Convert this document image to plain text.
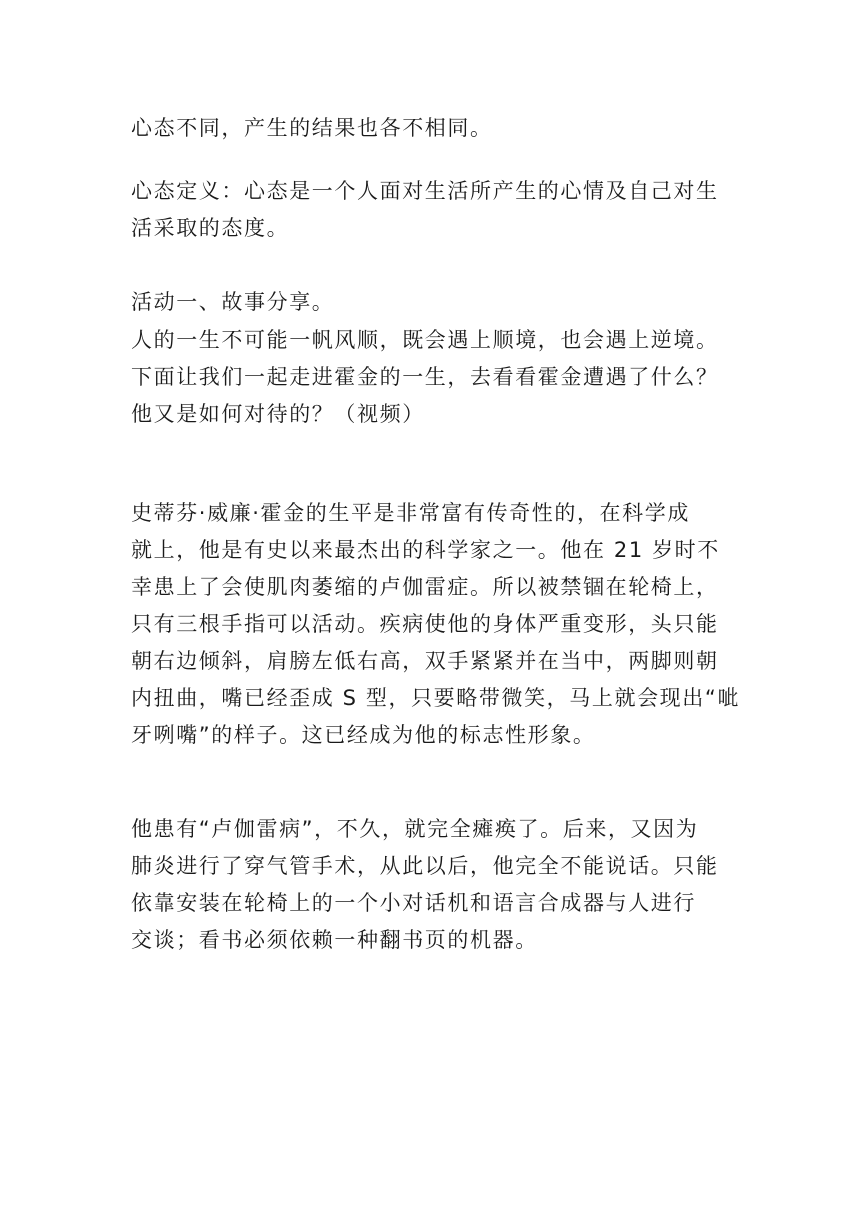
心态不同，产生的结果也各不相同。
心态定义：心态是一个人面对生活所产生的心情及自己对生
活采取的态度。
活动一、故事分享。
人的一生不可能一帆风顺，既会遇上顺境，也会遇上逆境。
下面让我们一起走进霍金的一生，去看看霍金遭遇了什么？
他又是如何对待的？（视频）
史蒂芬·威廉·霍金的生平是非常富有传奇性的，在科学成
就上，他是有史以来最杰出的科学家之一。他在 21 岁时不
幸患上了会使肌肉萎缩的卢伽雷症。所以被禁锢在轮椅上，
只有三根手指可以活动。疾病使他的身体严重变形，头只能
朝右边倾斜，肩膀左低右高，双手紧紧并在当中，两脚则朝
内扭曲，嘴已经歪成 S 型，只要略带微笑，马上就会现出“呲
牙咧嘴”的样子。这已经成为他的标志性形象。
他患有“卢伽雷病”，不久，就完全瘫痪了。后来，又因为
肺炎进行了穿气管手术，从此以后，他完全不能说话。只能
依靠安装在轮椅上的一个小对话机和语言合成器与人进行
交谈；看书必须依赖一种翻书页的机器。
